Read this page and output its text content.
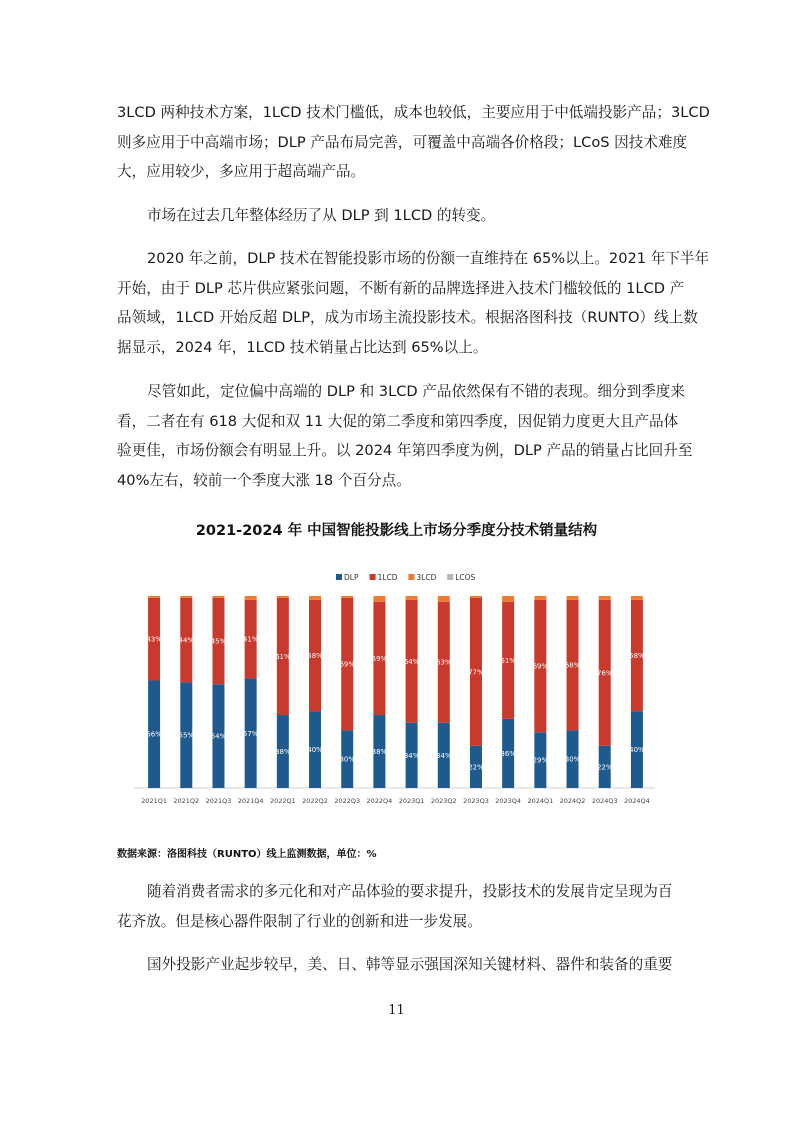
3LCD 两种技术方案，1LCD 技术门槛低，成本也较低，主要应用于中低端投影产品；3LCD
则多应用于中高端市场；DLP 产品布局完善，可覆盖中高端各价格段；LCoS 因技术难度
大，应用较少，多应用于超高端产品。
市场在过去几年整体经历了从 DLP 到 1LCD 的转变。
2020 年之前，DLP 技术在智能投影市场的份额一直维持在 65%以上。2021 年下半年
开始，由于 DLP 芯片供应紧张问题，不断有新的品牌选择进入技术门槛较低的 1LCD 产
品领域，1LCD 开始反超 DLP，成为市场主流投影技术。根据洛图科技（RUNTO）线上数
据显示，2024 年，1LCD 技术销量占比达到 65%以上。
尽管如此，定位偏中高端的 DLP 和 3LCD 产品依然保有不错的表现。细分到季度来
看，二者在有 618 大促和双 11 大促的第二季度和第四季度，因促销力度更大且产品体
验更佳，市场份额会有明显上升。以 2024 年第四季度为例，DLP 产品的销量占比回升至
40%左右，较前一个季度大涨 18 个百分点。

2021-2024 年 中国智能投影线上市场分季度分技术销量结构

DLP	1LCD	3LCD	LCOS
56%
43%
2021Q1
55%
44%
2021Q2
54%
45%
2021Q3
57%
41%
2021Q4
38%
61%
2022Q1
40%
58%
2022Q2
30%
69%
2022Q3
38%
59%
2022Q4
34%
64%
2023Q1
34%
63%
2023Q2
22%
77%
2023Q3
36%
61%
2023Q4
29%
69%
2024Q1
30%
68%
2024Q2
22%
76%
2024Q3
40%
58%
2024Q4

数据来源：洛图科技（RUNTO）线上监测数据，单位：%

随着消费者需求的多元化和对产品体验的要求提升，投影技术的发展肯定呈现为百
花齐放。但是核心器件限制了行业的创新和进一步发展。
国外投影产业起步较早，美、日、韩等显示强国深知关键材料、器件和装备的重要

11
